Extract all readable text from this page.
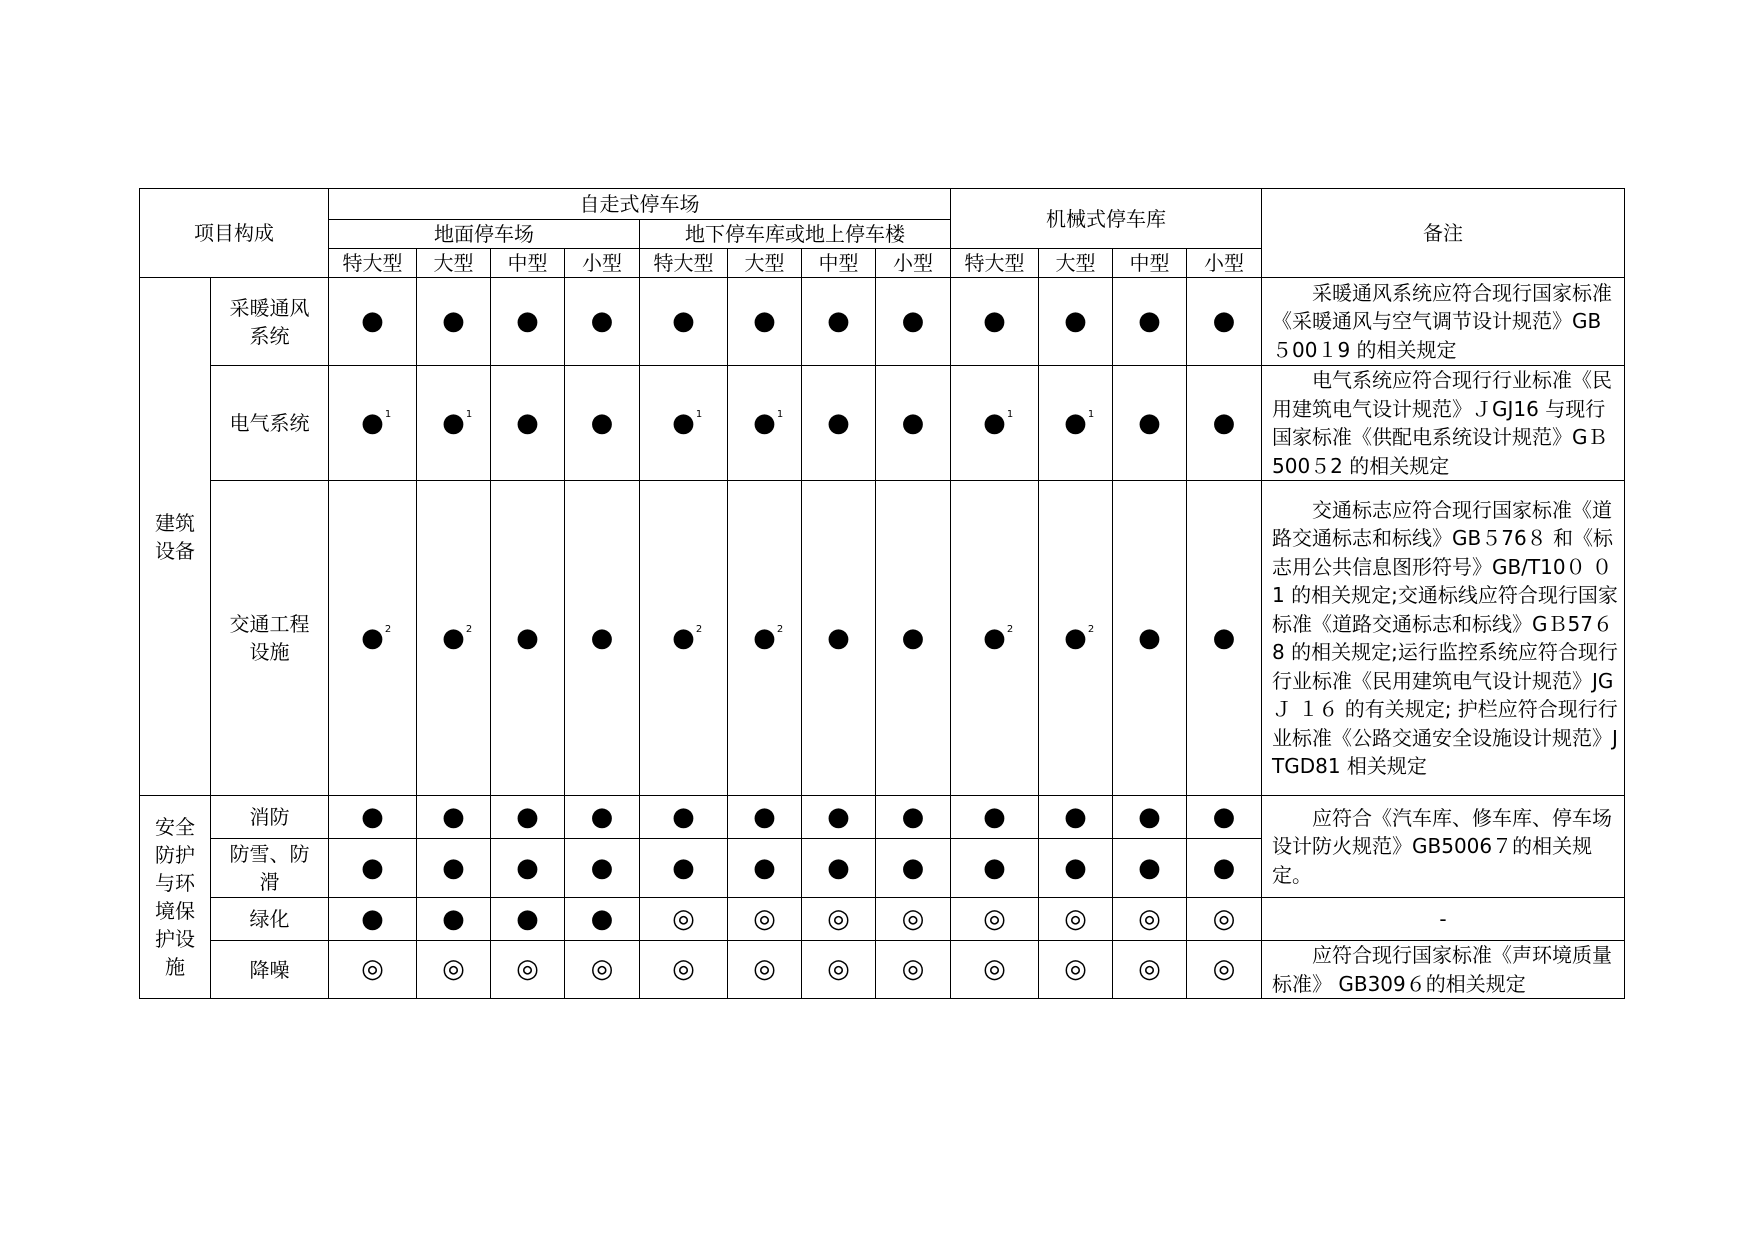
项目构成		自走式停车场								机械式停车库				备注
		地面停车场				地下停车库或地上停车楼								
		特大型	大型	中型	小型	特大型	大型	中型	小型	特大型	大型	中型	小型	
建筑设备	采暖通风系统	●	●	●	●	●	●	●	●	●	●	●	●	采暖通风系统应符合现行国家标准《采暖通风与空气调节设计规范》GB５00１9 的相关规定
	电气系统	● 1	● 1	●	●	● 1	● 1	●	●	● 1	● 1	●	●	电气系统应符合现行行业标准《民用建筑电气设计规范》ＪGJ16 与现行国家标准《供配电系统设计规范》GＢ500５2 的相关规定
	交通工程设施	● 2	● 2	●	●	● 2	● 2	●	●	● 2	● 2	●	●	交通标志应符合现行国家标准《道路交通标志和标线》GB５76８ 和《标志用公共信息图形符号》GB/T10０ ０1 的相关规定;交通标线应符合现行国家标准《道路交通标志和标线》GＢ57６8 的相关规定;运行监控系统应符合现行行业标准《民用建筑电气设计规范》JGＪ １６ 的有关规定; 护栏应符合现行行业标准《公路交通安全设施设计规范》JTGD81 相关规定
安全防护与环境保护设施	消防	●	●	●	●	●	●	●	●	●	●	●	●	应符合《汽车库、修车库、停车场设计防火规范》GB5006７的相关规定。
	防雪、防滑	●	●	●	●	●	●	●	●	●	●	●	●	

	绿化	●	●	●	●	◎	◎	◎	◎	◎	◎	◎	◎	-
	降噪	◎	◎	◎	◎	◎	◎	◎	◎	◎	◎	◎	◎	应符合现行国家标准《声环境质量标准》 GB309６的相关规定
